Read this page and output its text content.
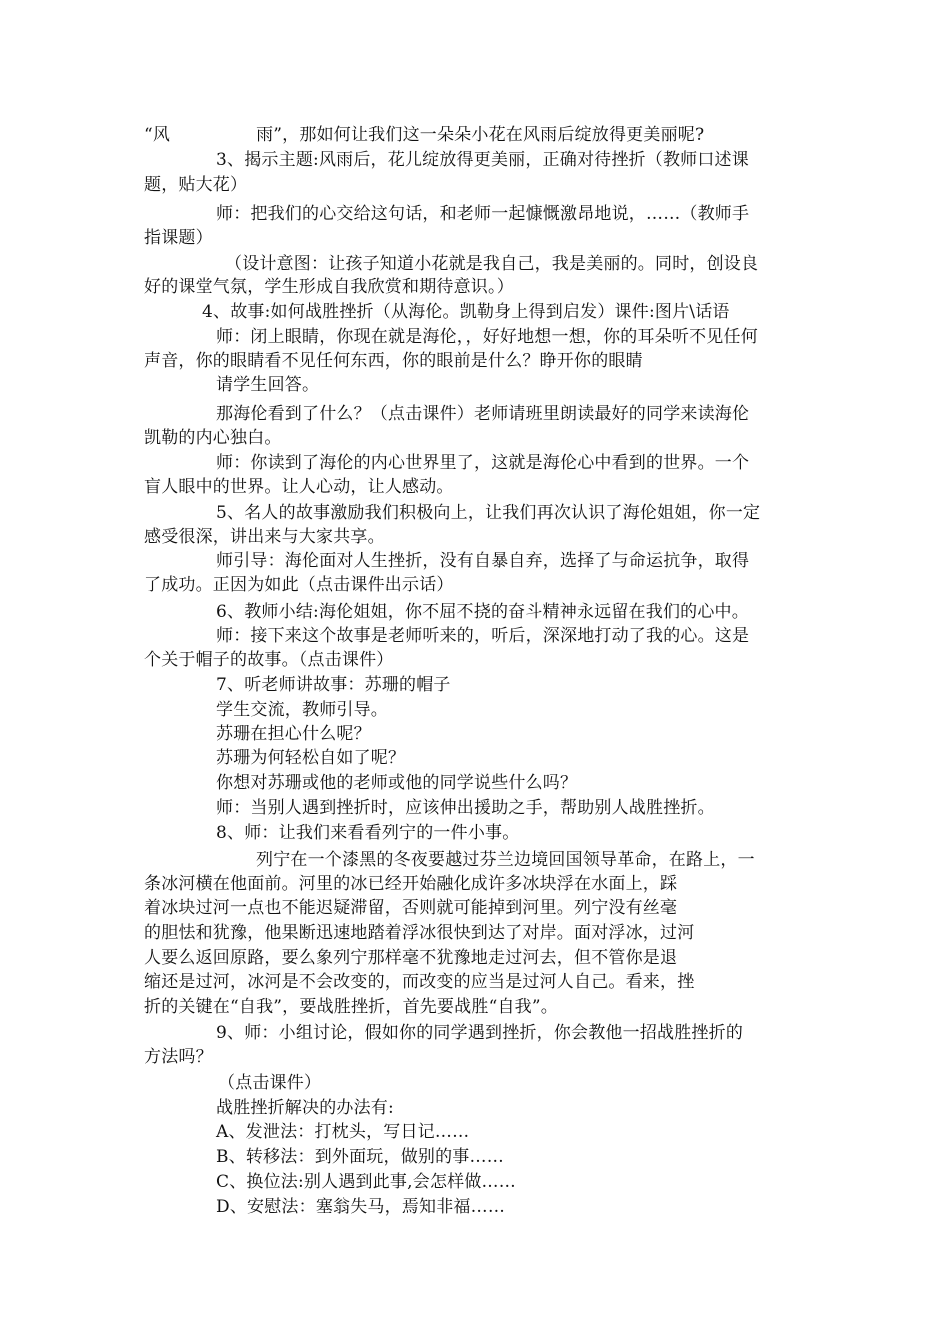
“风　　　　　雨”，那如何让我们这一朵朵小花在风雨后绽放得更美丽呢?
3、揭示主题:风雨后，花儿绽放得更美丽，正确对待挫折（教师口述课
题，贴大花）
师：把我们的心交给这句话，和老师一起慷慨激昂地说，……（教师手
指课题）
（设计意图：让孩子知道小花就是我自己，我是美丽的。同时，创设良
好的课堂气氛，学生形成自我欣赏和期待意识。）
4、故事:如何战胜挫折（从海伦。凯勒身上得到启发）课件:图片\话语
师：闭上眼睛，你现在就是海伦，，好好地想一想，你的耳朵听不见任何
声音，你的眼睛看不见任何东西，你的眼前是什么？睁开你的眼睛
请学生回答。
那海伦看到了什么？（点击课件）老师请班里朗读最好的同学来读海伦
凯勒的内心独白。
师：你读到了海伦的内心世界里了，这就是海伦心中看到的世界。一个
盲人眼中的世界。让人心动，让人感动。
5、名人的故事激励我们积极向上，让我们再次认识了海伦姐姐，你一定
感受很深，讲出来与大家共享。
师引导：海伦面对人生挫折，没有自暴自弃，选择了与命运抗争，取得
了成功。正因为如此（点击课件出示话）
6、教师小结:海伦姐姐，你不屈不挠的奋斗精神永远留在我们的心中。
师：接下来这个故事是老师听来的，听后，深深地打动了我的心。这是
个关于帽子的故事。（点击课件）
7、听老师讲故事：苏珊的帽子
学生交流，教师引导。
苏珊在担心什么呢？
苏珊为何轻松自如了呢？
你想对苏珊或他的老师或他的同学说些什么吗？
师：当别人遇到挫折时，应该伸出援助之手，帮助别人战胜挫折。
8、师：让我们来看看列宁的一件小事。
列宁在一个漆黑的冬夜要越过芬兰边境回国领导革命，在路上，一
条冰河横在他面前。河里的冰已经开始融化成许多冰块浮在水面上，踩
着冰块过河一点也不能迟疑滞留，否则就可能掉到河里。列宁没有丝毫
的胆怯和犹豫，他果断迅速地踏着浮冰很快到达了对岸。面对浮冰，过河
人要么返回原路，要么象列宁那样毫不犹豫地走过河去，但不管你是退
缩还是过河，冰河是不会改变的，而改变的应当是过河人自己。看来，挫
折的关键在“自我”，要战胜挫折，首先要战胜“自我”。
9、师：小组讨论，假如你的同学遇到挫折，你会教他一招战胜挫折的
方法吗？
（点击课件）
战胜挫折解决的办法有:
A、发泄法：打枕头，写日记……
B、转移法：到外面玩，做别的事……
C、换位法:别人遇到此事,会怎样做……
D、安慰法：塞翁失马，焉知非福……
